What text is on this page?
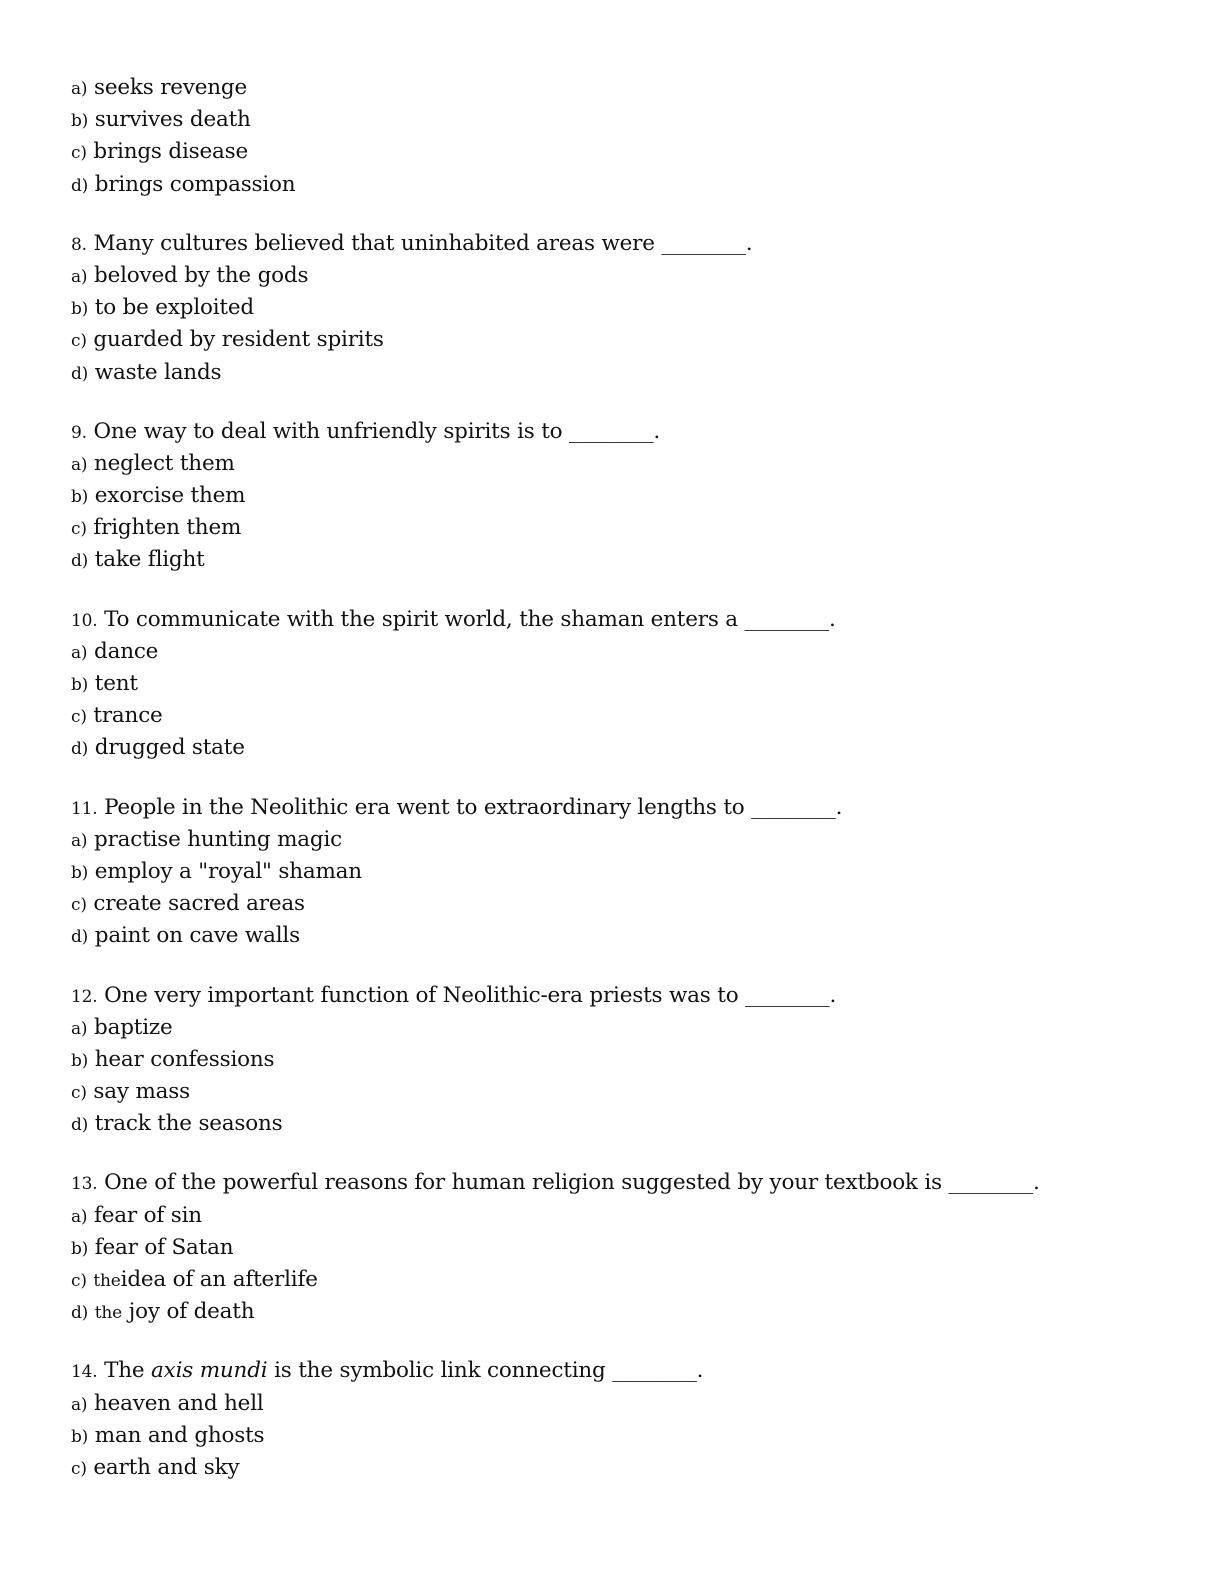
a) seeks revenge
b) survives death
c) brings disease
d) brings compassion
8. Many cultures believed that uninhabited areas were ________.
a) beloved by the gods
b) to be exploited
c) guarded by resident spirits
d) waste lands
9. One way to deal with unfriendly spirits is to ________.
a) neglect them
b) exorcise them
c) frighten them
d) take flight
10. To communicate with the spirit world, the shaman enters a ________.
a) dance
b) tent
c) trance
d) drugged state
11. People in the Neolithic era went to extraordinary lengths to ________.
a) practise hunting magic
b) employ a "royal" shaman
c) create sacred areas
d) paint on cave walls
12. One very important function of Neolithic-era priests was to ________.
a) baptize
b) hear confessions
c) say mass
d) track the seasons
13. One of the powerful reasons for human religion suggested by your textbook is ________.
a) fear of sin
b) fear of Satan
c) theidea of an afterlife
d) the joy of death
14. The axis mundi is the symbolic link connecting ________.
a) heaven and hell
b) man and ghosts
c) earth and sky
